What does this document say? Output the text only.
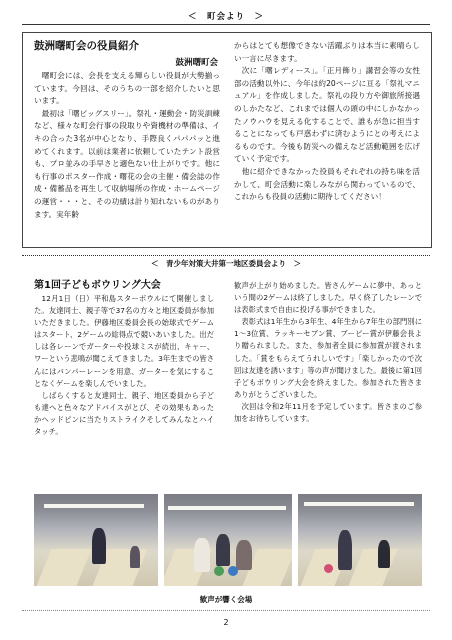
＜　町会より　＞
鼓洲曙町会の役員紹介
鼓洲曙町会
　曙町会には、会長を支える輝らしい役員が大勢揃っています。今回は、そのうちの一部を紹介したいと思います。
　最初は「曙ビッグスリー」。祭礼・運動会・防災訓練など、様々な町会行事の段取りや資機材の準備は、イキの合った3名が中心となり、手際良くパパパッと進めてくれます。以前は業者に依頼していたテント設営も、プロ並みの手早さと適色ない仕上がりです。他にも行事のポスター作成・曙花の会の主催・備会誌の作成・備蓄品を再生して収納場所の作成・ホームページの運営・・・と、その功績は計り知れないものがあります。実年齢
からはとても想像できない活躍ぶりは本当に素晴らしい一言に尽きます。
　次に「曙レディース」。「正月飾り」講習会等の女性部の活動以外に、今年は約20ページに亘る「祭礼マニュアル」を作成しました。祭礼の段り方や御旅所接遇のしかたなど、これまでは個人の頭の中にしかなかったノウハウを見える化することで、誰もが急に担当することになっても戸惑わずに済むようにとの考えによるものです。今後も防災への備えなど活動範囲を広げていく予定です。
　他に紹介できなかった役員もそれぞれの持ち味を活かして、町会活動に楽しみながら関わっているので、これからも役員の活動に期待してください！
＜　青少年対策大井第一地区委員会より　＞
第1回子どもボウリング大会
　12月1日（日）平和島スターボウルにて開催しました。友達同士、親子等で37名の方々と地区委員が参加いただきました。伊藤地区委員会長の始球式でゲームはスタート、2ゲームの総得点で競いあいました。出だしは各レーンでガーターや投球ミスが続出、キャー、ワーという悲鳴が聞こえてきました。3年生までの皆さんにはバンパーレーンを用意、ガーターを気にすることなくゲームを楽しんでいました。
　しばらくすると友達同士、親子、地区委員から子ども達へと色々なアドバイスがとび、その効果もあったかヘッドピンに当たりストライクそしてみんなとハイタッチ。
歓声が上がり始めました。皆さんゲームに夢中、あっという間の2ゲームは終了しました。早く終了したレーンでは表彰式まで自由に投げる事ができました。
　表彰式は1年生から3年生、4年生から7年生の部門別に1～3位賞、ラッキーセブン賞、ブービー賞が伊藤会長より贈られました。また、参加者全員に参加賞が渡されました。「賞をもらえてうれしいです」「楽しかったので次回は友達を誘います」等の声が聞けました。最後に第1回子どもボウリング大会を終えました。参加された皆さまありがとうございました。
　次回は令和2年11月を予定しています。皆さまのご参加をお待ちしています。
歓声が響く会場
2
